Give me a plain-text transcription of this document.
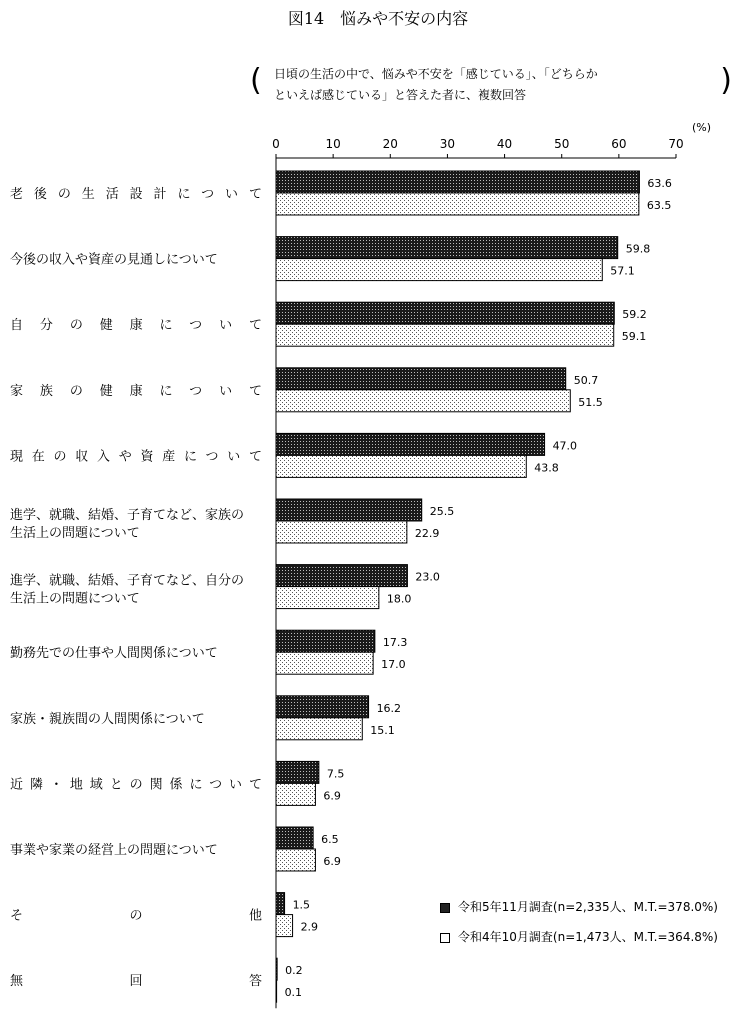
図14　悩みや不安の内容
( 日頃の生活の中で、悩みや不安を「感じている」、「どちらか
といえば感じている」と答えた者に、複数回答	)
(%)
0	10	20	30	40	50	60	70
63.6
63.5
老後の生活設計について
59.8
57.1
今後の収入や資産の見通しについて
59.2
59.1
自分の健康について
50.7
51.5
家族の健康について
47.0
43.8
現在の収入や資産について
25.5
22.9
進学、就職、結婚、子育てなど、家族の
生活上の問題について
23.0
18.0
進学、就職、結婚、子育てなど、自分の
生活上の問題について
17.3
17.0
勤務先での仕事や人間関係について
16.2
15.1
家族・親族間の人間関係について
7.5
6.9
近隣・地域との関係について
6.5
6.9
事業や家業の経営上の問題について
1.5
2.9
その他
0.2
0.1
無回答
令和5年11月調査(n=2,335人、M.T.=378.0%)
令和4年10月調査(n=1,473人、M.T.=364.8%)
